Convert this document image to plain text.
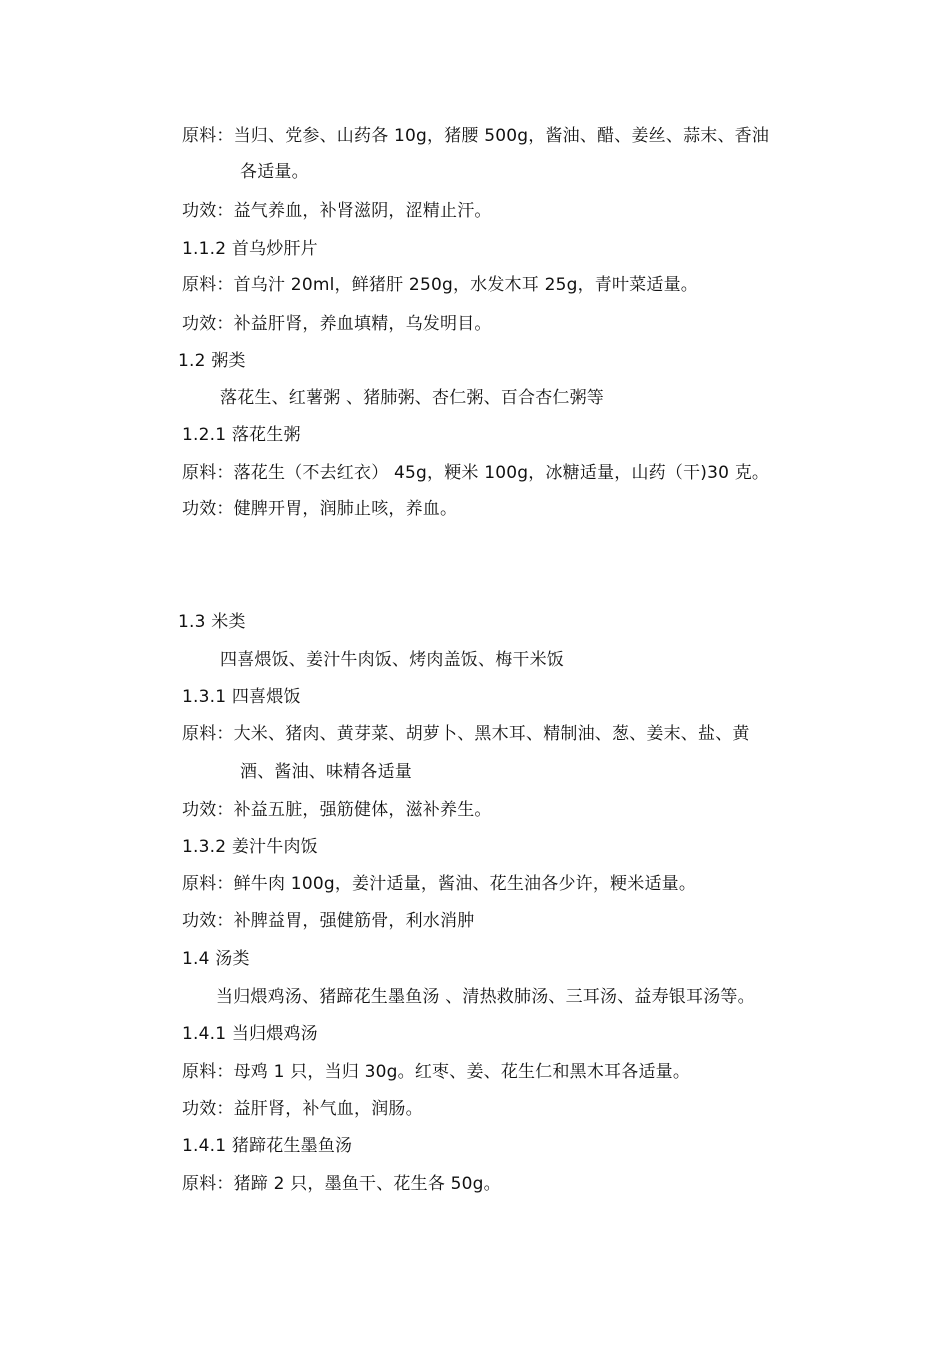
原料：当归、党参、山药各 10g，猪腰 500g，酱油、醋、姜丝、蒜末、香油
各适量。
功效：益气养血，补肾滋阴，涩精止汗。
1.1.2 首乌炒肝片
原料：首乌汁 20ml，鲜猪肝 250g，水发木耳 25g，青叶菜适量。
功效：补益肝肾，养血填精，乌发明目。
1.2 粥类
落花生、红薯粥 、猪肺粥、杏仁粥、百合杏仁粥等
1.2.1 落花生粥
原料：落花生（不去红衣） 45g，粳米 100g，冰糖适量，山药（干)30 克。
功效：健脾开胃，润肺止咳，养血。
1.3 米类
四喜煨饭、姜汁牛肉饭、烤肉盖饭、梅干米饭
1.3.1 四喜煨饭
原料：大米、猪肉、黄芽菜、胡萝卜、黑木耳、精制油、葱、姜末、盐、黄
酒、酱油、味精各适量
功效：补益五脏，强筋健体，滋补养生。
1.3.2 姜汁牛肉饭
原料：鲜牛肉 100g，姜汁适量，酱油、花生油各少许，粳米适量。
功效：补脾益胃，强健筋骨，利水消肿
1.4 汤类
当归煨鸡汤、猪蹄花生墨鱼汤 、清热救肺汤、三耳汤、益寿银耳汤等。
1.4.1 当归煨鸡汤
原料：母鸡 1 只，当归 30g。红枣、姜、花生仁和黑木耳各适量。
功效：益肝肾，补气血，润肠。
1.4.1 猪蹄花生墨鱼汤
原料：猪蹄 2 只，墨鱼干、花生各 50g。
